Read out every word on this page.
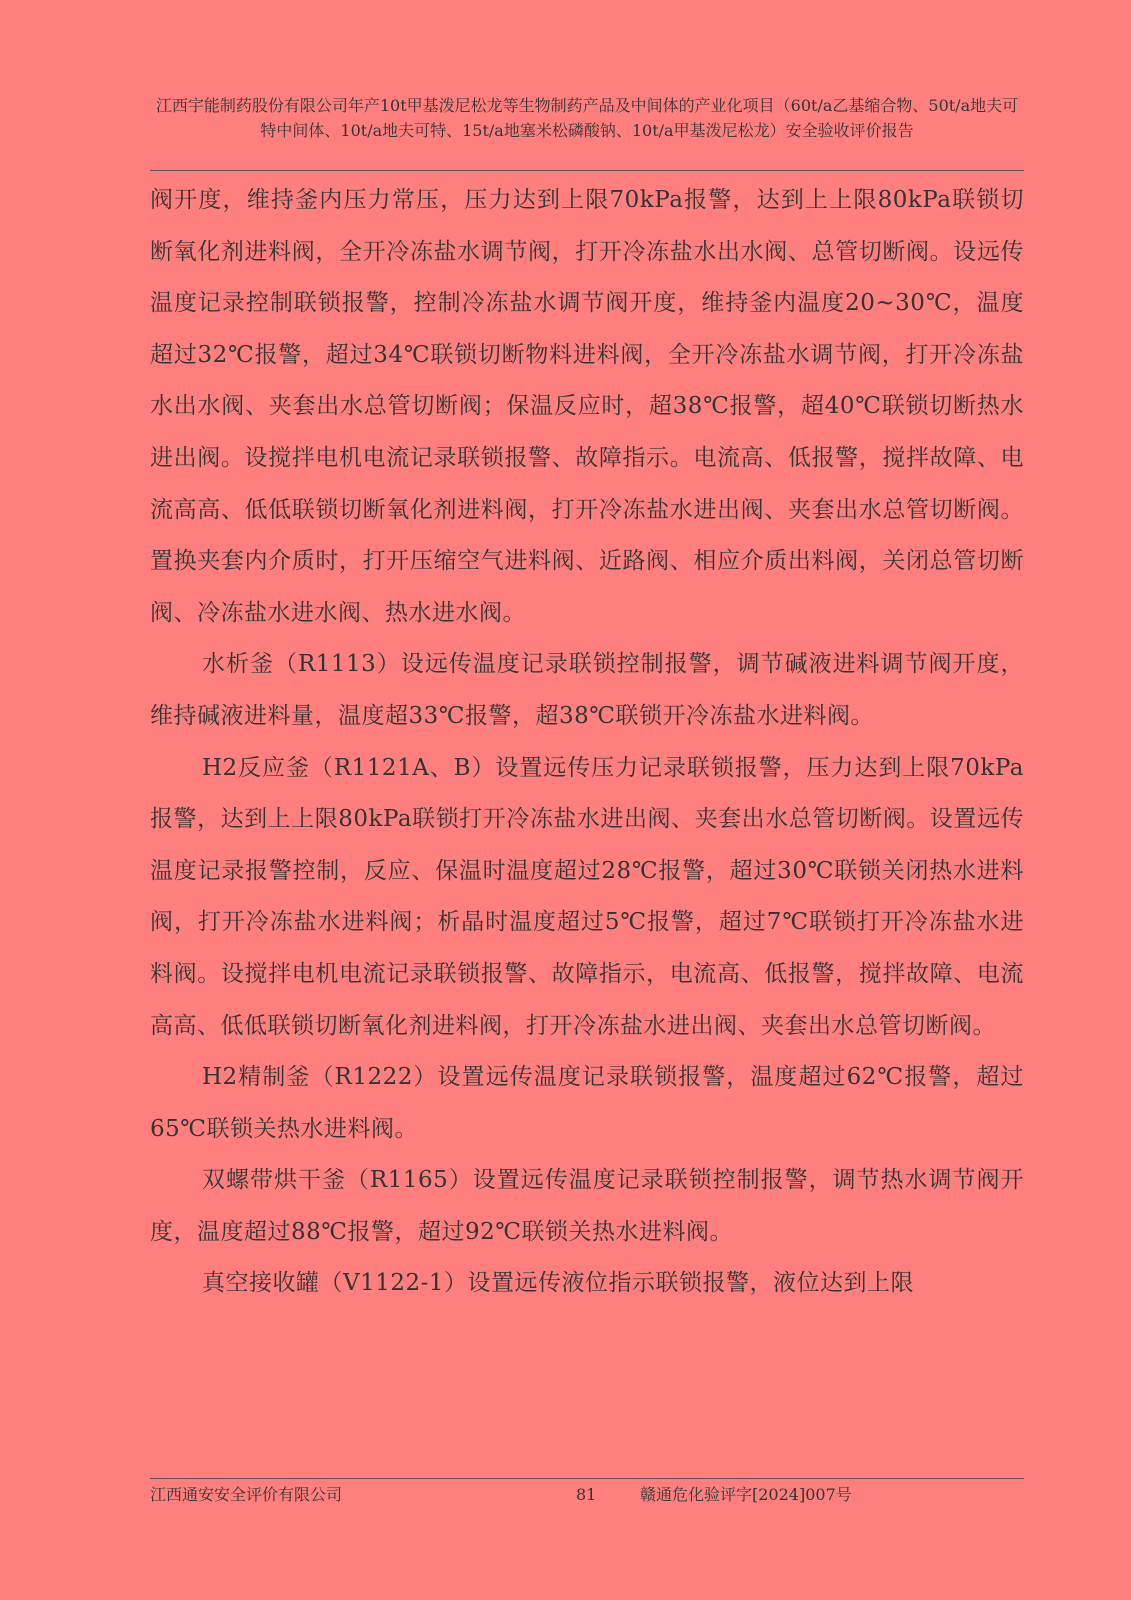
江西宇能制药股份有限公司年产10t甲基泼尼松龙等生物制药产品及中间体的产业化项目（60t/a乙基缩合物、50t/a地夫可特中间体、10t/a地夫可特、15t/a地塞米松磷酸钠、10t/a甲基泼尼松龙）安全验收评价报告

阀开度，维持釜内压力常压，压力达到上限70kPa报警，达到上上限80kPa联锁切断氧化剂进料阀，全开冷冻盐水调节阀，打开冷冻盐水出水阀、总管切断阀。设远传温度记录控制联锁报警，控制冷冻盐水调节阀开度，维持釜内温度20~30℃，温度超过32℃报警，超过34℃联锁切断物料进料阀，全开冷冻盐水调节阀，打开冷冻盐水出水阀、夹套出水总管切断阀；保温反应时，超38℃报警，超40℃联锁切断热水进出阀。设搅拌电机电流记录联锁报警、故障指示。电流高、低报警，搅拌故障、电流高高、低低联锁切断氧化剂进料阀，打开冷冻盐水进出阀、夹套出水总管切断阀。置换夹套内介质时，打开压缩空气进料阀、近路阀、相应介质出料阀，关闭总管切断阀、冷冻盐水进水阀、热水进水阀。

水析釜（R1113）设远传温度记录联锁控制报警，调节碱液进料调节阀开度，维持碱液进料量，温度超33℃报警，超38℃联锁开冷冻盐水进料阀。

H2反应釜（R1121A、B）设置远传压力记录联锁报警，压力达到上限70kPa报警，达到上上限80kPa联锁打开冷冻盐水进出阀、夹套出水总管切断阀。设置远传温度记录报警控制，反应、保温时温度超过28℃报警，超过30℃联锁关闭热水进料阀，打开冷冻盐水进料阀；析晶时温度超过5℃报警，超过7℃联锁打开冷冻盐水进料阀。设搅拌电机电流记录联锁报警、故障指示，电流高、低报警，搅拌故障、电流高高、低低联锁切断氧化剂进料阀，打开冷冻盐水进出阀、夹套出水总管切断阀。

H2精制釜（R1222）设置远传温度记录联锁报警，温度超过62℃报警，超过65℃联锁关热水进料阀。

双螺带烘干釜（R1165）设置远传温度记录联锁控制报警，调节热水调节阀开度，温度超过88℃报警，超过92℃联锁关热水进料阀。

真空接收罐（V1122-1）设置远传液位指示联锁报警，液位达到上限

江西通安安全评价有限公司	81	赣通危化验评字[2024]007号
